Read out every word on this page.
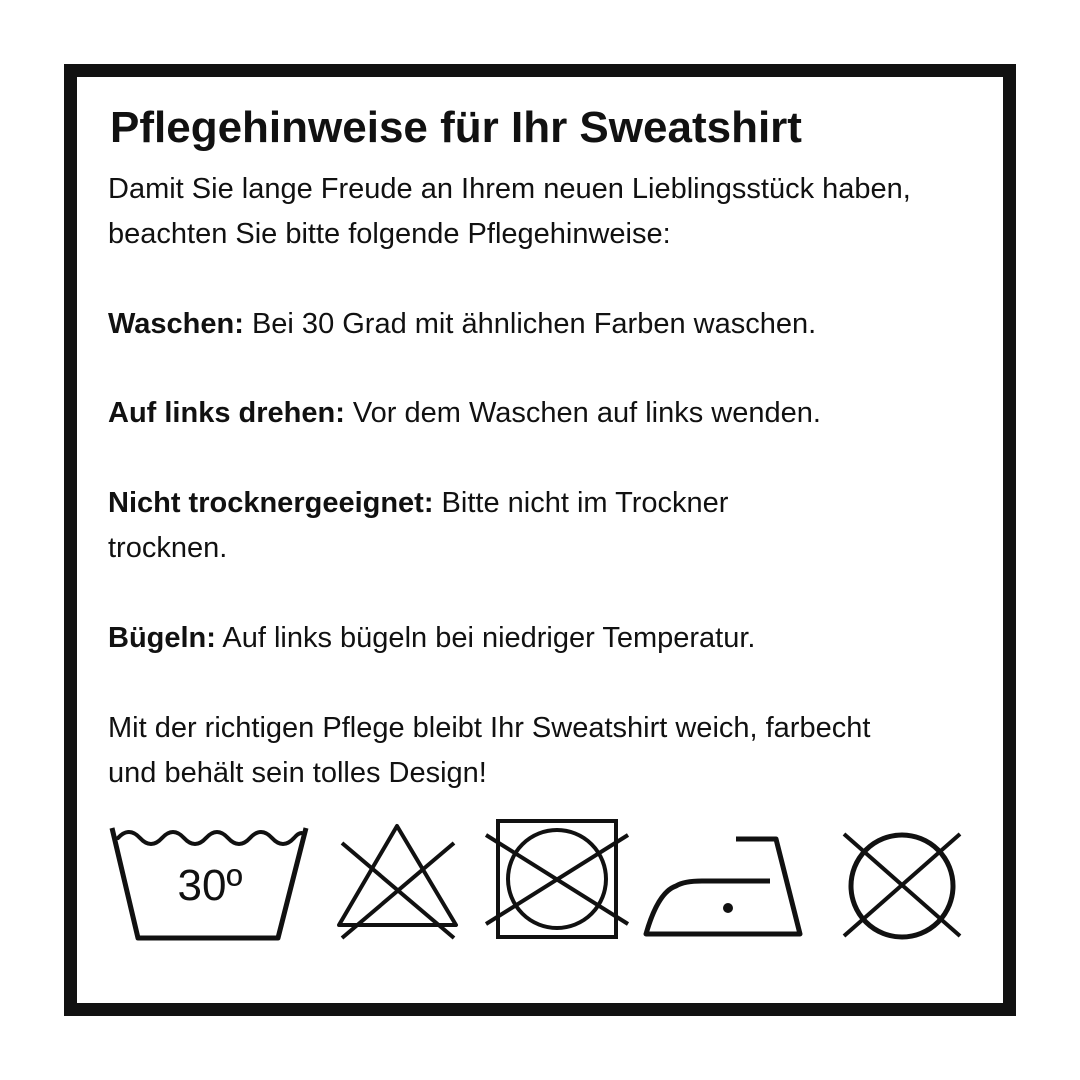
Pflegehinweise für Ihr Sweatshirt

Damit Sie lange Freude an Ihrem neuen Lieblingsstück haben, beachten Sie bitte folgende Pflegehinweise:

Waschen: Bei 30 Grad mit ähnlichen Farben waschen.

Auf links drehen: Vor dem Waschen auf links wenden.

Nicht trocknergeeignet: Bitte nicht im Trockner trocknen.

Bügeln: Auf links bügeln bei niedriger Temperatur.

Mit der richtigen Pflege bleibt Ihr Sweatshirt weich, farbecht und behält sein tolles Design!

30º
